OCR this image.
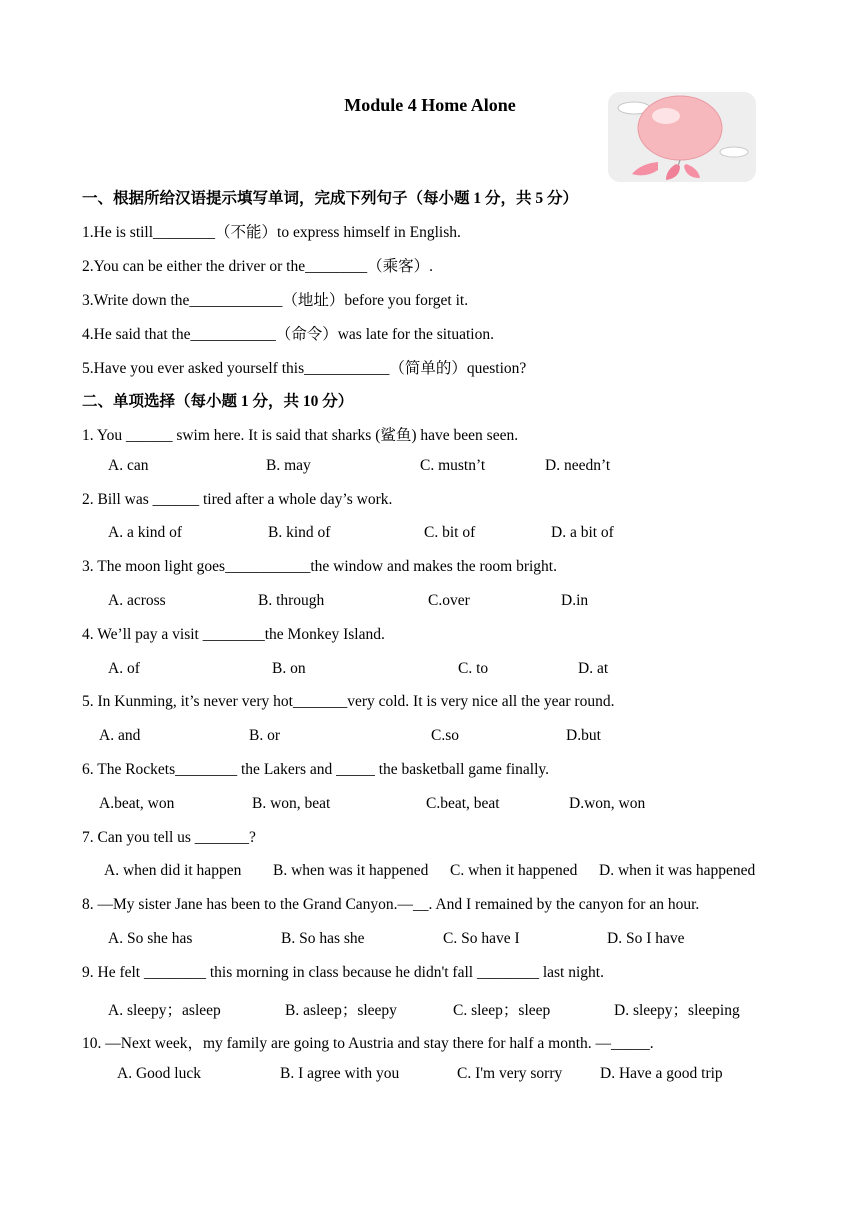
Module 4 Home Alone
一、根据所给汉语提示填写单词，完成下列句子（每小题 1 分，共 5 分）
1.He is still________（不能）to express himself in English.
2.You can be either the driver or the________（乘客）.
3.Write down the____________（地址）before you forget it.
4.He said that the___________（命令）was late for the situation.
5.Have you ever asked yourself this___________（简单的）question?
二、单项选择（每小题 1 分，共 10 分）
1. You ______ swim here. It is said that sharks (鲨鱼) have been seen.
A. can	B. may	C. mustn’t	D. needn’t
2. Bill was ______ tired after a whole day’s work.
A. a kind of	B. kind of	C. bit of	D. a bit of
3. The moon light goes___________the window and makes the room bright.
A. across	B. through	C.over	D.in
4. We’ll pay a visit ________the Monkey Island.
A. of	B. on	C. to	D. at
5. In Kunming, it’s never very hot_______very cold. It is very nice all the year round.
A. and	B. or	C.so	D.but
6. The Rockets________ the Lakers and _____ the basketball game finally.
A.beat, won	B. won, beat	C.beat, beat	D.won, won
7. Can you tell us _______?
A. when did it happen B. when was it happened C. when it happened D. when it was happened
8. —My sister Jane has been to the Grand Canyon.—__. And I remained by the canyon for an hour.
A. So she has	B. So has she	C. So have I	D. So I have
9. He felt ________ this morning in class because he didn't fall ________ last night.
A. sleepy；asleep	B. asleep；sleepy	C. sleep；sleep	D. sleepy；sleeping
10. —Next week，my family are going to Austria and stay there for half a month. —_____.
A. Good luck	B. I agree with you	C. I'm very sorry D. Have a good trip
